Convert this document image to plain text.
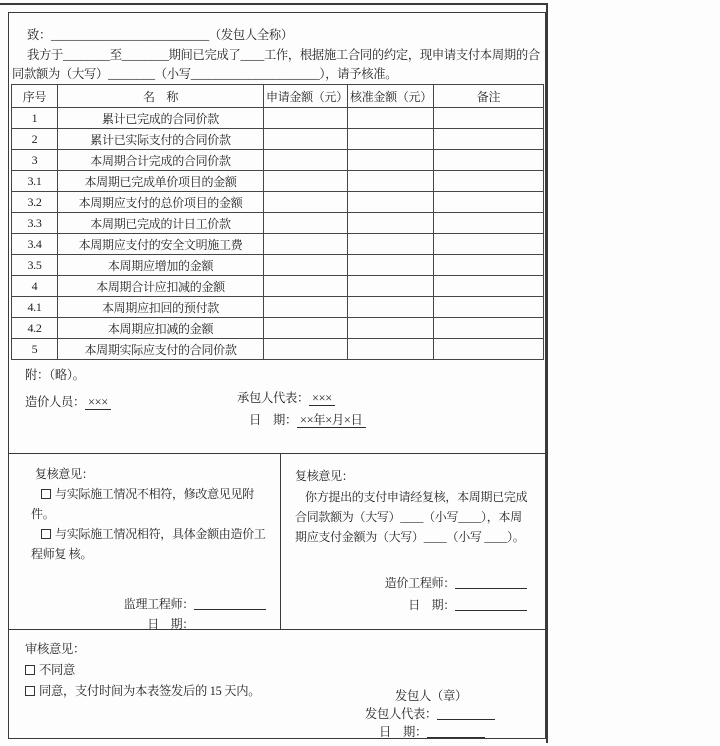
致：___________________________（发包人全称）
我方于________至________期间已完成了____工作，根据施工合同的约定，现申请支付本周期的合同款额为（大写）________（小写______________________），请予核准。
序号	名　称	申请金额（元）	核准金额（元）	备注
1	累计已完成的合同价款			
2	累计已实际支付的合同价款			
3	本周期合计完成的合同价款			
3.1	本周期已完成单价项目的金额			
3.2	本周期应支付的总价项目的金额			
3.3	本周期已完成的计日工价款			
3.4	本周期应支付的安全文明施工费			
3.5	本周期应增加的金额			
4	本周期合计应扣减的金额			
4.1	本周期应扣回的预付款			
4.2	本周期应扣减的金额			
5	本周期实际应支付的合同价款			
附：（略）。
造价人员： ×××	承包人代表： ×××
日　期： ××年×月×日
复核意见：
与实际施工情况不相符，修改意见见附件。
与实际施工情况相符，具体金额由造价工程师复 核。
监理工程师：
日　期：
复核意见：
你方提出的支付申请经复核，本周期已完成合同款额为（大写）____（小写____），本周期应支付金额为（大写）____（小写 ____）。
造价工程师：
日　期：
审核意见：
不同意
同意，支付时间为本表签发后的 15 天内。	发包人（章）
发包人代表：
日　期：
